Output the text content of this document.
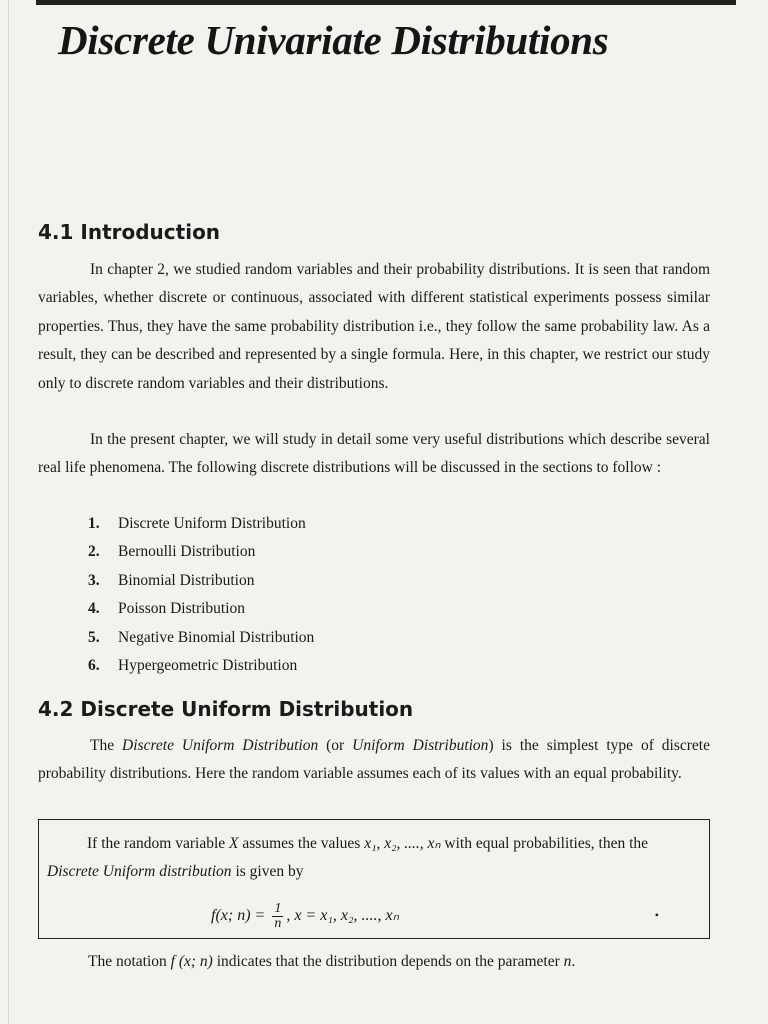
Discrete Univariate Distributions
4.1 Introduction

In chapter 2, we studied random variables and their probability distributions. It is seen that random variables, whether discrete or continuous, associated with different statistical experiments possess similar properties. Thus, they have the same probability distribution i.e., they follow the same probability law. As a result, they can be described and represented by a single formula. Here, in this chapter, we restrict our study only to discrete random variables and their distributions.

In the present chapter, we will study in detail some very useful distributions which describe several real life phenomena. The following discrete distributions will be discussed in the sections to follow :

1.	Discrete Uniform Distribution
2.	Bernoulli Distribution
3.	Binomial Distribution
4.	Poisson Distribution
5.	Negative Binomial Distribution
6.	Hypergeometric Distribution
4.2 Discrete Uniform Distribution

The Discrete Uniform Distribution (or Uniform Distribution) is the simplest type of discrete probability distributions. Here the random variable assumes each of its values with an equal probability.

If the random variable X assumes the values x₁, x₂, ...., xₙ with equal probabilities, then the Discrete Uniform distribution is given by

f(x; $n) = \frac{1}{n}$ , x = x₁, x₂, ...., xₙ	•

The notation f (x; n) indicates that the distribution depends on the parameter n.
